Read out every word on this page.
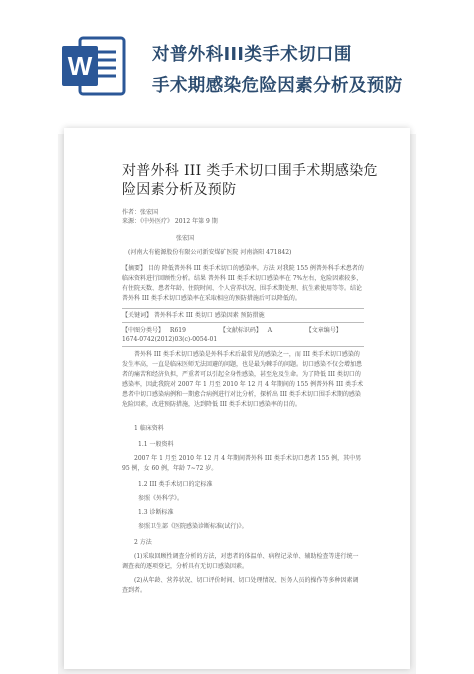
W	对普外科III类手术切口围
手术期感染危险因素分析及预防
对普外科 III 类手术切口围手术期感染危险因素分析及预防
作者：张宏国
来源：《中外医疗》 2012 年第 9 期
张宏国
(河南大有能源股份有限公司新安煤矿医院 河南洛阳 471842)
【摘要】 目的 降低普外科 III 类手术切口的感染率。方法 对我院 155 例普外科手术患者的临床资料进行回顾性分析。结果 普外科 III 类手术切口感染率在 7%左右，危险因素较多，有住院天数、患者年龄、住院时间、个人营养状况、围手术期处理、抗生素使用等等。结论 普外科 III 类手术切口感染率在采取相应的预防措施后可以降低的。
【关键词】 普外科手术 III 类切口 感染因素 预防措施
【中图分类号】 R619	【文献标识码】 A	【文章编号】
1674-0742(2012)03(c)-0054-01
普外科 III 类手术切口感染是外科手术后最常见的感染之一，而 III 类手术切口感染的发生率高，一直是临床医师无法回避的问题，也是最为棘手的问题。切口感染不仅会增加患者的痛苦和经济负担，严重者可以引起全身性感染，甚至危及生命。为了降低 III 类切口的感染率，因此我院对 2007 年 1 月至 2010 年 12 月 4 年期间的 155 例普外科 III 类手术患者中切口感染病例和一期愈合病例进行对比分析，探析出 III 类手术切口围手术期的感染危险因素，改进预防措施，达到降低 III 类手术切口感染率的目的。
1 临床资料
1.1 一般资料
2007 年 1 月至 2010 年 12 月 4 年期间普外科 III 类手术切口患者 155 例，其中男 95 例，女 60 例，年龄 7~72 岁。
1.2 III 类手术切口的定标准
参照《外科学》。
1.3 诊断标准
参照卫生部《医院感染诊断标准(试行)》。
2 方法
(1)采取回顾性调查分析的方法，对患者的体温单、病程记录单、辅助检查等进行统一调查表的逐项登记，分析具有无切口感染因素。
(2)从年龄、营养状况、切口评价时间、切口处理情况、医务人员的操作等多种因素调查到者。
